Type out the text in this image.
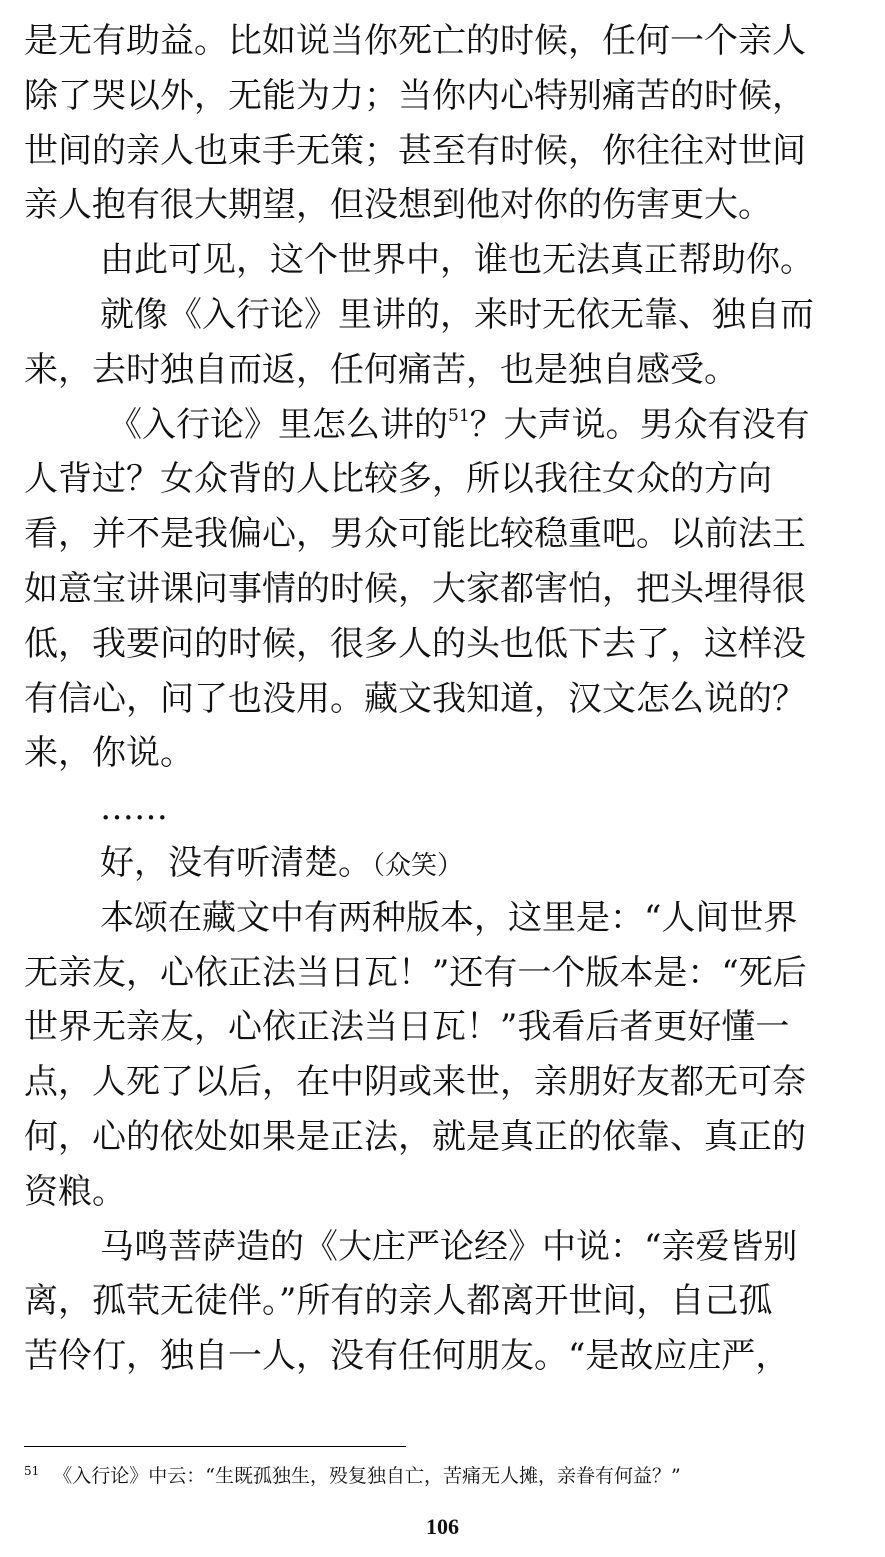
是无有助益。比如说当你死亡的时候，任何一个亲人
除了哭以外，无能为力；当你内心特别痛苦的时候，
世间的亲人也束手无策；甚至有时候，你往往对世间
亲人抱有很大期望，但没想到他对你的伤害更大。
由此可见，这个世界中，谁也无法真正帮助你。
就像《入行论》里讲的，来时无依无靠、独自而
来，去时独自而返，任何痛苦，也是独自感受。
《入行论》里怎么讲的$^{51}$？大声说。男众有没有
人背过？女众背的人比较多，所以我往女众的方向
看，并不是我偏心，男众可能比较稳重吧。以前法王
如意宝讲课问事情的时候，大家都害怕，把头埋得很
低，我要问的时候，很多人的头也低下去了，这样没
有信心，问了也没用。藏文我知道，汉文怎么说的？
来，你说。
……
好，没有听清楚。（众笑）
本颂在藏文中有两种版本，这里是：“人间世界
无亲友，心依正法当日瓦！”还有一个版本是：“死后
世界无亲友，心依正法当日瓦！”我看后者更好懂一
点，人死了以后，在中阴或来世，亲朋好友都无可奈
何，心的依处如果是正法，就是真正的依靠、真正的
资粮。
马鸣菩萨造的《大庄严论经》中说：“亲爱皆别
离，孤茕无徒伴。”所有的亲人都离开世间，自己孤
苦伶仃，独自一人，没有任何朋友。“是故应庄严，
$^{51}$ 《入行论》中云：“生既孤独生，殁复独自亡，苦痛无人摊，亲眷有何益？”
106
